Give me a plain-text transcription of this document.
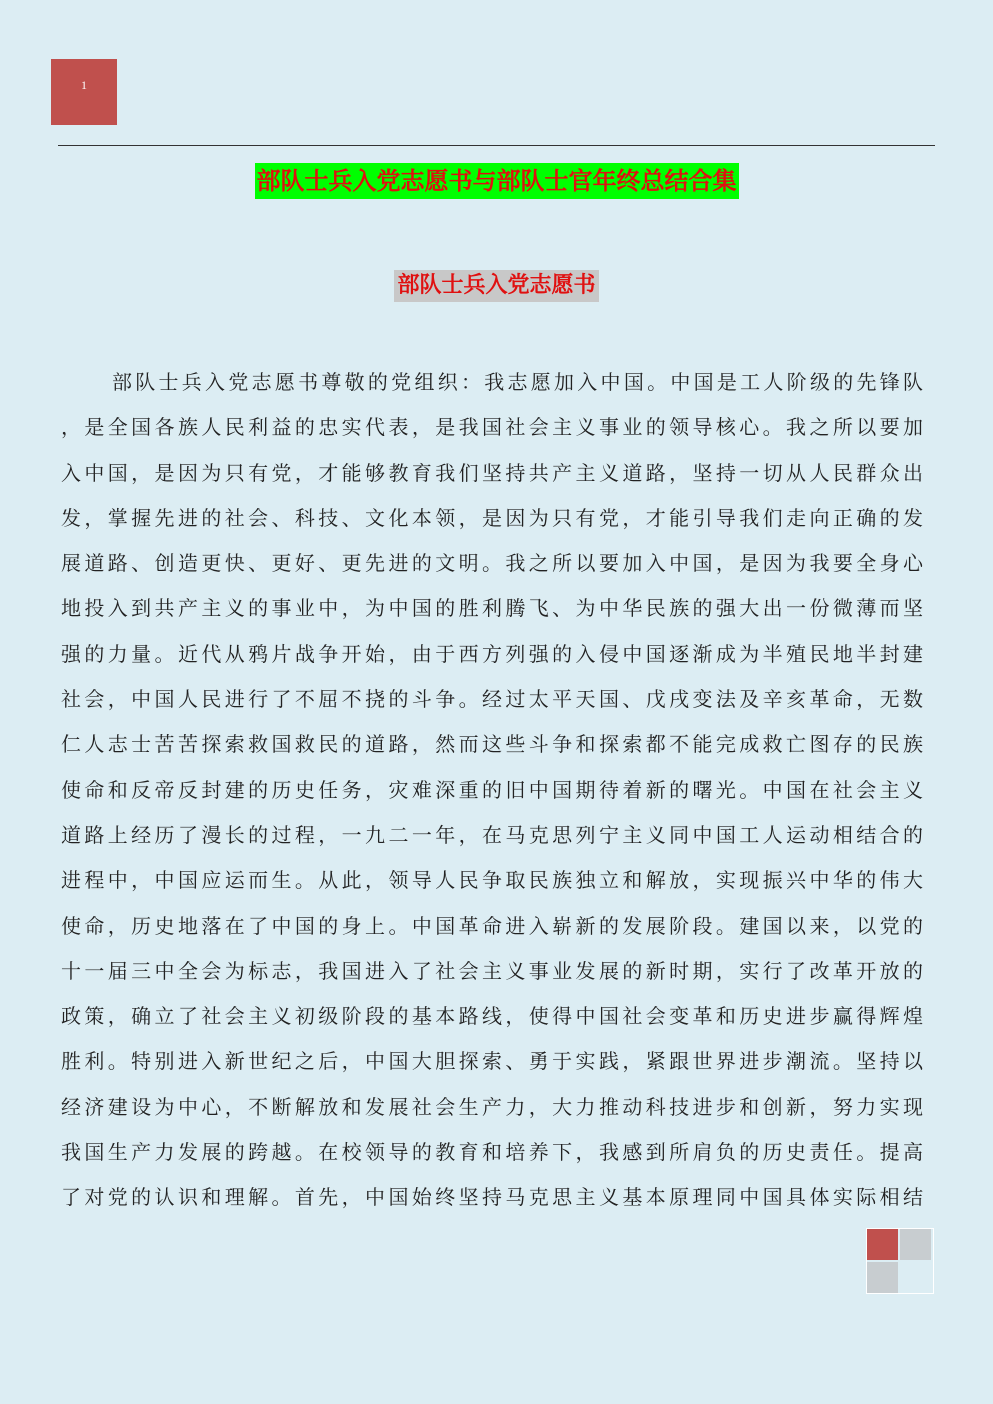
1
部队士兵入党志愿书与部队士官年终总结合集
部队士兵入党志愿书
部队士兵入党志愿书尊敬的党组织：我志愿加入中国。中国是工人阶级的先锋队
，是全国各族人民利益的忠实代表，是我国社会主义事业的领导核心。我之所以要加
入中国，是因为只有党，才能够教育我们坚持共产主义道路，坚持一切从人民群众出
发，掌握先进的社会、科技、文化本领，是因为只有党，才能引导我们走向正确的发
展道路、创造更快、更好、更先进的文明。我之所以要加入中国，是因为我要全身心
地投入到共产主义的事业中，为中国的胜利腾飞、为中华民族的强大出一份微薄而坚
强的力量。近代从鸦片战争开始，由于西方列强的入侵中国逐渐成为半殖民地半封建
社会，中国人民进行了不屈不挠的斗争。经过太平天国、戊戌变法及辛亥革命，无数
仁人志士苦苦探索救国救民的道路，然而这些斗争和探索都不能完成救亡图存的民族
使命和反帝反封建的历史任务，灾难深重的旧中国期待着新的曙光。中国在社会主义
道路上经历了漫长的过程，一九二一年，在马克思列宁主义同中国工人运动相结合的
进程中，中国应运而生。从此，领导人民争取民族独立和解放，实现振兴中华的伟大
使命，历史地落在了中国的身上。中国革命进入崭新的发展阶段。建国以来，以党的
十一届三中全会为标志，我国进入了社会主义事业发展的新时期，实行了改革开放的
政策，确立了社会主义初级阶段的基本路线，使得中国社会变革和历史进步赢得辉煌
胜利。特别进入新世纪之后，中国大胆探索、勇于实践，紧跟世界进步潮流。坚持以
经济建设为中心，不断解放和发展社会生产力，大力推动科技进步和创新，努力实现
我国生产力发展的跨越。在校领导的教育和培养下，我感到所肩负的历史责任。提高
了对党的认识和理解。首先，中国始终坚持马克思主义基本原理同中国具体实际相结
